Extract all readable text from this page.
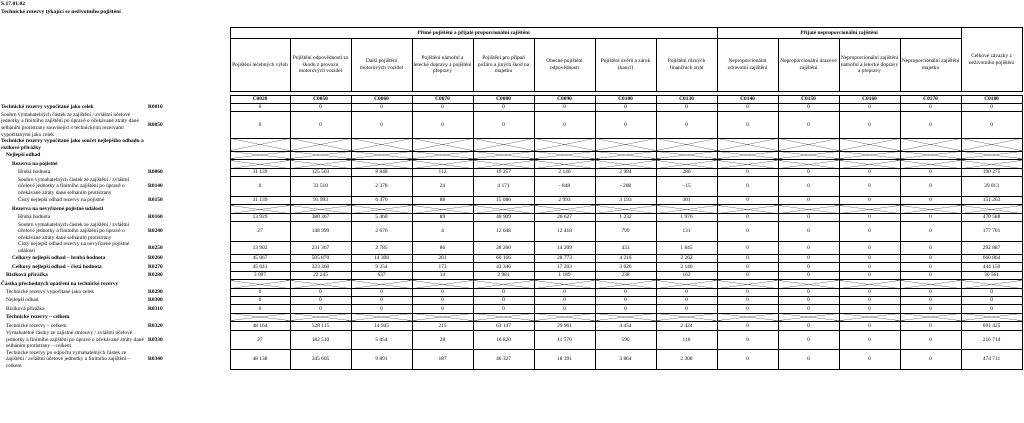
S.17.01.02
Technické rezervy týkající se neživotního pojištění
		Přímé pojištění a přijaté proporcionální zajištění								Přijaté neproporcionální zajištění				Celkové závazky z neživotního pojištění
		Pojištění léčebných výloh	Pojištění odpovědnosti za škodu z provozu motorových vozidel	Další pojištění motorových vozidel	Pojištění námořní a letecké dopravy a pojištění přepravy	Pojištění pro případ požáru a jiných škod na majetku	Obecné pojištění odpovědnosti	Pojištění úvěrů a záruk (kaucí)	Pojištění různých finančních ztrát	Neproporcionální zdravotní zajištění	Neproporcionální úrazové zajištění	Neproporcionální zajištění námořní a letecké dopravy a přepravy	Neproporcionální zajištění majetku	

		C0020	C0050	C0060	C0070	C0080	C0090	C0100	C0130	C0140	C0150	C0160	C0170	C0180
Technické rezervy vypočítané jako celek	R0010	0	0	0	0	0	0	0	0	0	0	0	0	0
Souhrn vymahatelných částek ze zajištění / zvláštní účelové jednotky a finitního zajištění po úpravě o očekávané ztráty dané selháním protistrany související s technickými rezervami vypočítanými jako celek	R0050	0	0	0	0	0	0	0	0	0	0	0	0	0
Technické rezervy vypočítané jako součet nejlepšího odhadu a rizikové přirážky														
Nejlepší odhad														
Rezerva na pojistné														
Hrubá hodnota	R0060	31 139	125 503	8 848	112	19 257	2 146	2 984	286	0	0	0	0	190 275
Souhrn vymahatelných částek ze zajištění / zvláštní účelové jednotky a finitního zajištění po úpravě o očekávané ztráty dané selháním protistrany	R0140	0	33 510	2 378	24	4 171	- 848	- 208	- 15	0	0	0	0	39 013
Čistý nejlepší odhad rezervy na pojistné	R0150	31 139	91 993	6 470	88	15 086	2 993	3 193	301	0	0	0	0	151 263
Rezerva na nevyřízené pojistné události														
Hrubá hodnota	R0160	13 929	380 367	5 460	89	40 909	26 627	1 232	1 976	0	0	0	0	470 588
Souhrn vymahatelných částek ze zajištění / zvláštní účelové jednotky a finitního zajištění po úpravě o očekávané ztráty dané selháním protistrany	R0240	27	148 999	2 676	4	12 648	12 418	799	131	0	0	0	0	177 701
Čistý nejlepší odhad rezervy na nevyřízené pojistné události	R0250	13 902	231 367	2 785	86	28 260	14 209	433	1 845	0	0	0	0	292 887
Celkový nejlepší odhad – hrubá hodnota	R0260	45 067	505 870	14 308	201	60 166	28 773	4 216	2 262	0	0	0	0	660 864
Celkový nejlepší odhad – čistá hodnota	R0270	45 041	323 360	9 254	173	43 346	17 203	3 626	2 146	0	0	0	0	444 150
Riziková přirážka	R0280	3 097	22 245	637	14	2 981	1 189	238	162	0	0	0	0	30 561
Částka přechodných opatření na technické rezervy														
Technické rezervy vypočítané jako celek	R0290	0	0	0	0	0	0	0	0	0	0	0	0	0
Nejlepší odhad	R0300	0	0	0	0	0	0	0	0	0	0	0	0	0
Riziková přirážka	R0310	0	0	0	0	0	0	0	0	0	0	0	0	0
Technické rezervy – celkem														
Technické rezervy – celkem	R0320	48 164	528 115	14 945	215	63 147	29 961	4 454	2 424	0	0	0	0	691 425
Vymahatelné částky ze zajistné smlouvy / zvláštní účelové jednotky a finitního zajištění po úpravě o očekávané ztráty dané selháním protistrany – celkem	R0330	27	182 510	5 054	28	16 820	11 570	590	116	0	0	0	0	216 714
Technické rezervy po odpočtu vymahatelných částek ze zajištění / zvláštní účelové jednotky a finitního zajištění – celkem	R0340	48 138	345 605	9 891	187	46 327	18 391	3 864	2 308	0	0	0	0	474 711
